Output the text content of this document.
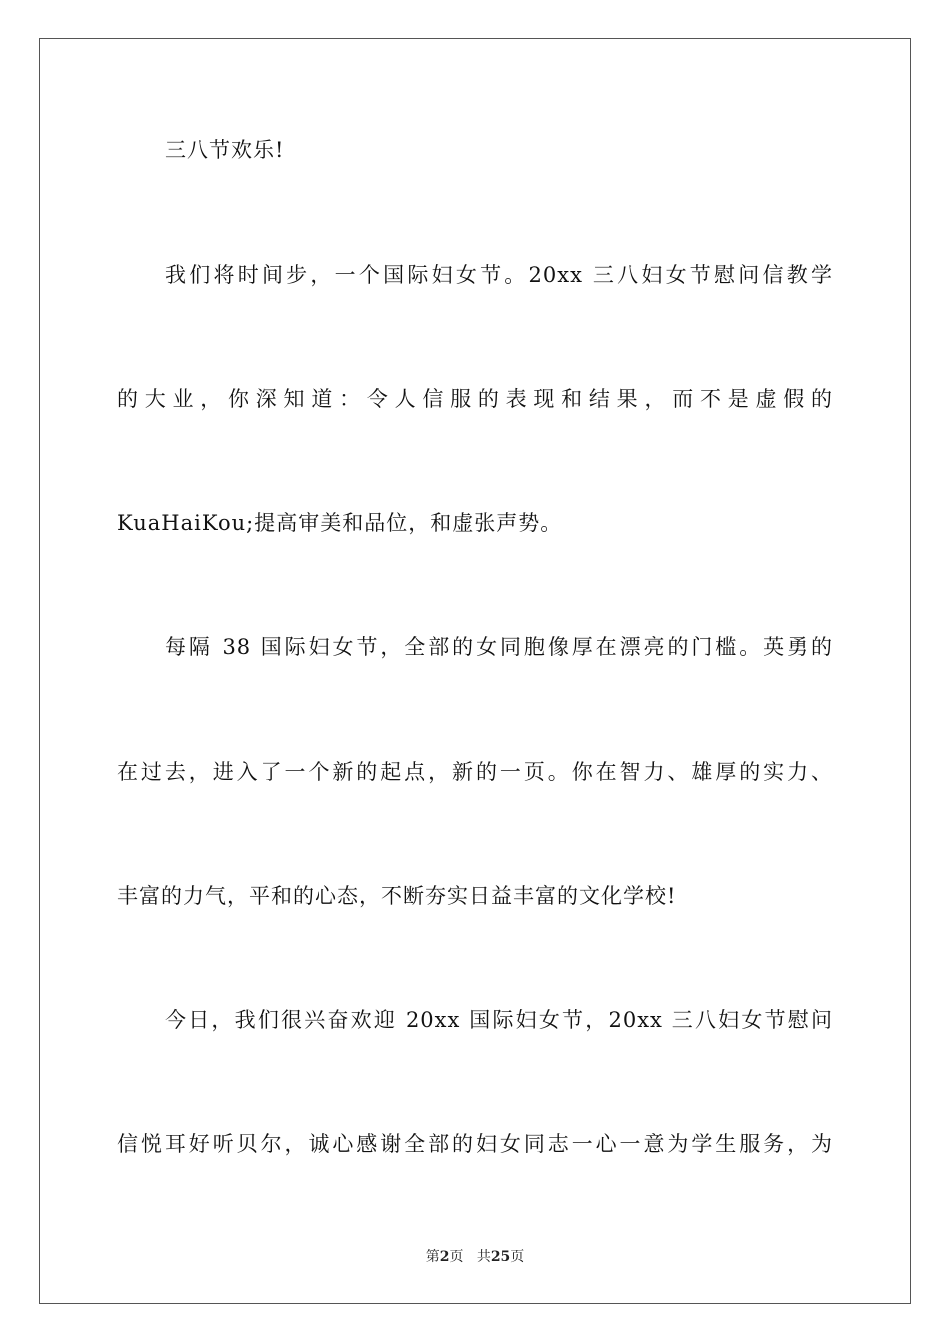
三八节欢乐!
我们将时间步，一个国际妇女节。20xx 三八妇女节慰问信教学
的大业，你深知道：令人信服的表现和结果，而不是虚假的
KuaHaiKou;提高审美和品位，和虚张声势。
每隔 38 国际妇女节，全部的女同胞像厚在漂亮的门槛。英勇的
在过去，进入了一个新的起点，新的一页。你在智力、雄厚的实力、
丰富的力气，平和的心态，不断夯实日益丰富的文化学校!
今日，我们很兴奋欢迎 20xx 国际妇女节，20xx 三八妇女节慰问
信悦耳好听贝尔，诚心感谢全部的妇女同志一心一意为学生服务，为
第2页 共25页
